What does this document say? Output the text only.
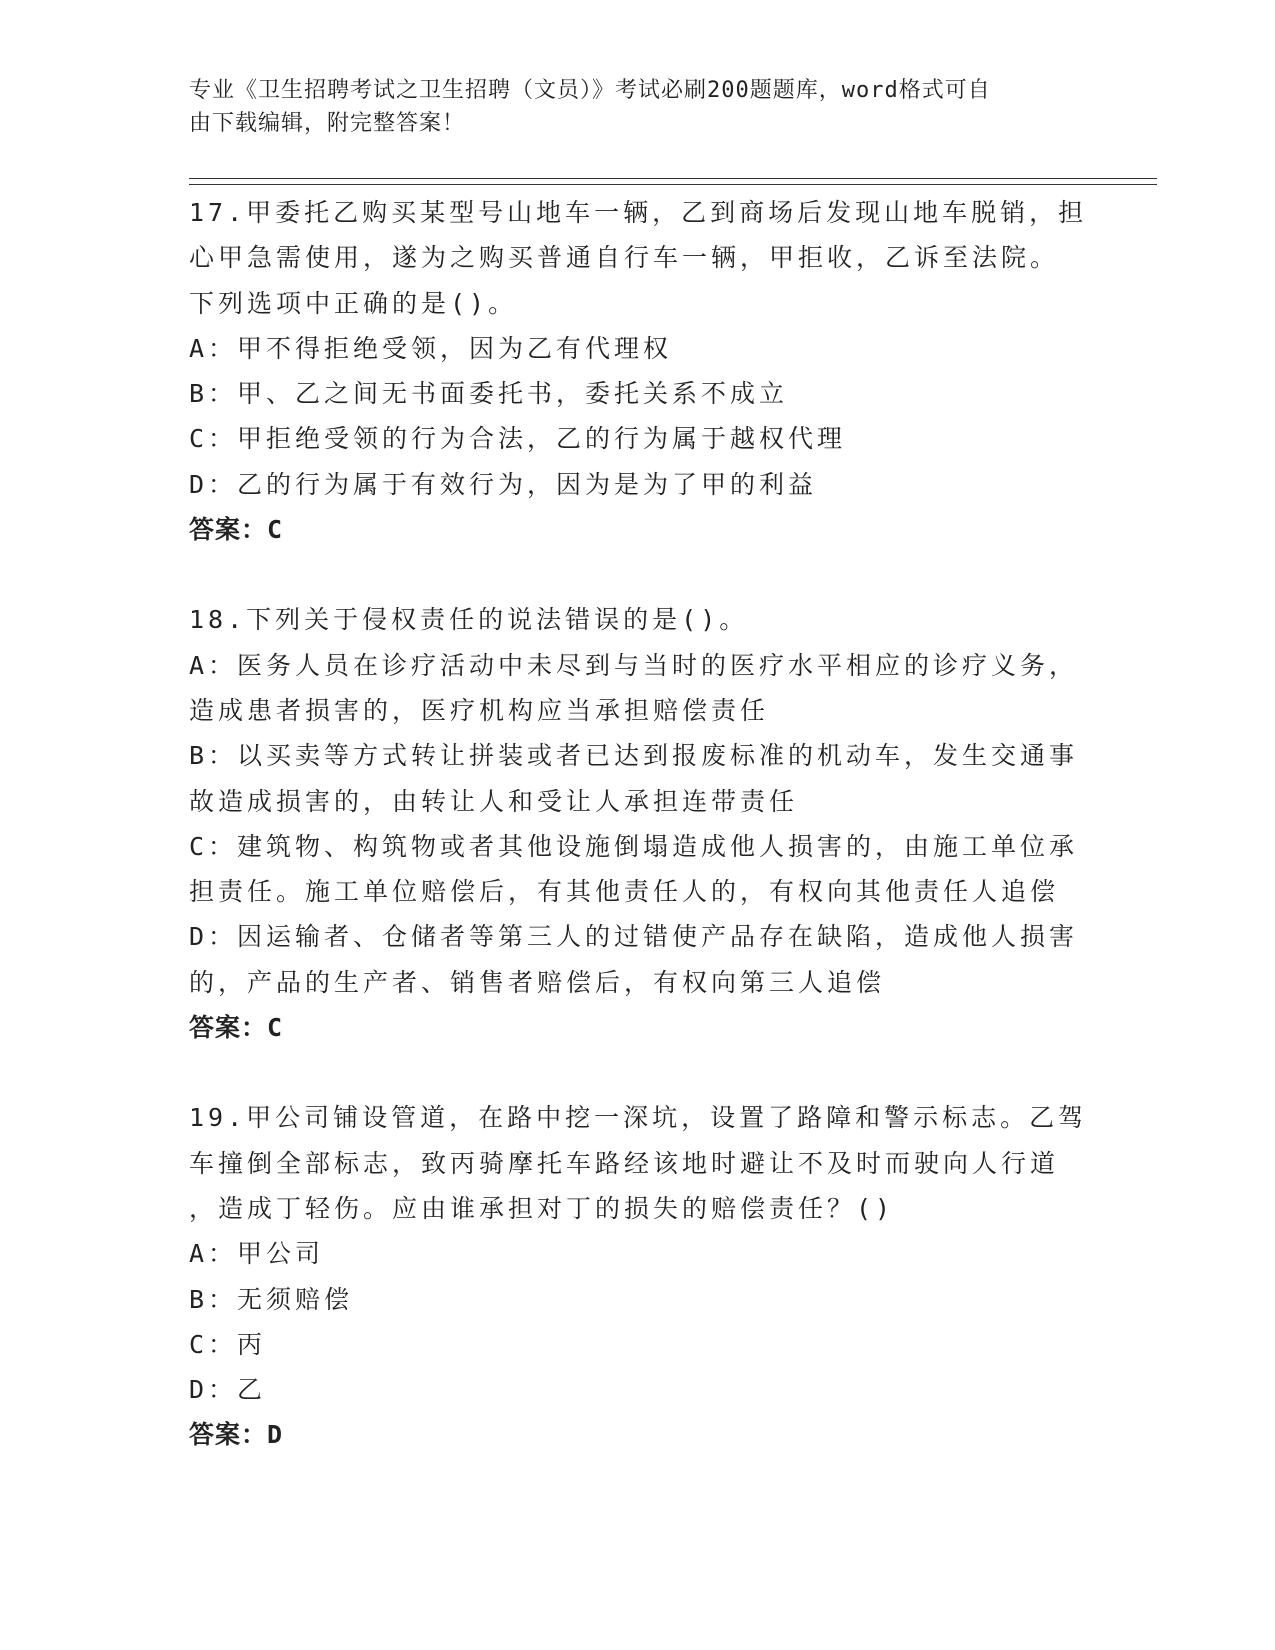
专业《卫生招聘考试之卫生招聘（文员）》考试必刷200题题库，word格式可自
由下载编辑，附完整答案！
17.甲委托乙购买某型号山地车一辆，乙到商场后发现山地车脱销，担
心甲急需使用，遂为之购买普通自行车一辆，甲拒收，乙诉至法院。
下列选项中正确的是()。
A：甲不得拒绝受领，因为乙有代理权
B：甲、乙之间无书面委托书，委托关系不成立
C：甲拒绝受领的行为合法，乙的行为属于越权代理
D：乙的行为属于有效行为，因为是为了甲的利益
答案：C
18.下列关于侵权责任的说法错误的是()。
A：医务人员在诊疗活动中未尽到与当时的医疗水平相应的诊疗义务，
造成患者损害的，医疗机构应当承担赔偿责任
B：以买卖等方式转让拼装或者已达到报废标准的机动车，发生交通事
故造成损害的，由转让人和受让人承担连带责任
C：建筑物、构筑物或者其他设施倒塌造成他人损害的，由施工单位承
担责任。施工单位赔偿后，有其他责任人的，有权向其他责任人追偿
D：因运输者、仓储者等第三人的过错使产品存在缺陷，造成他人损害
的，产品的生产者、销售者赔偿后，有权向第三人追偿
答案：C
19.甲公司铺设管道，在路中挖一深坑，设置了路障和警示标志。乙驾
车撞倒全部标志，致丙骑摩托车路经该地时避让不及时而驶向人行道
，造成丁轻伤。应由谁承担对丁的损失的赔偿责任？()
A：甲公司
B：无须赔偿
C：丙
D：乙
答案：D
